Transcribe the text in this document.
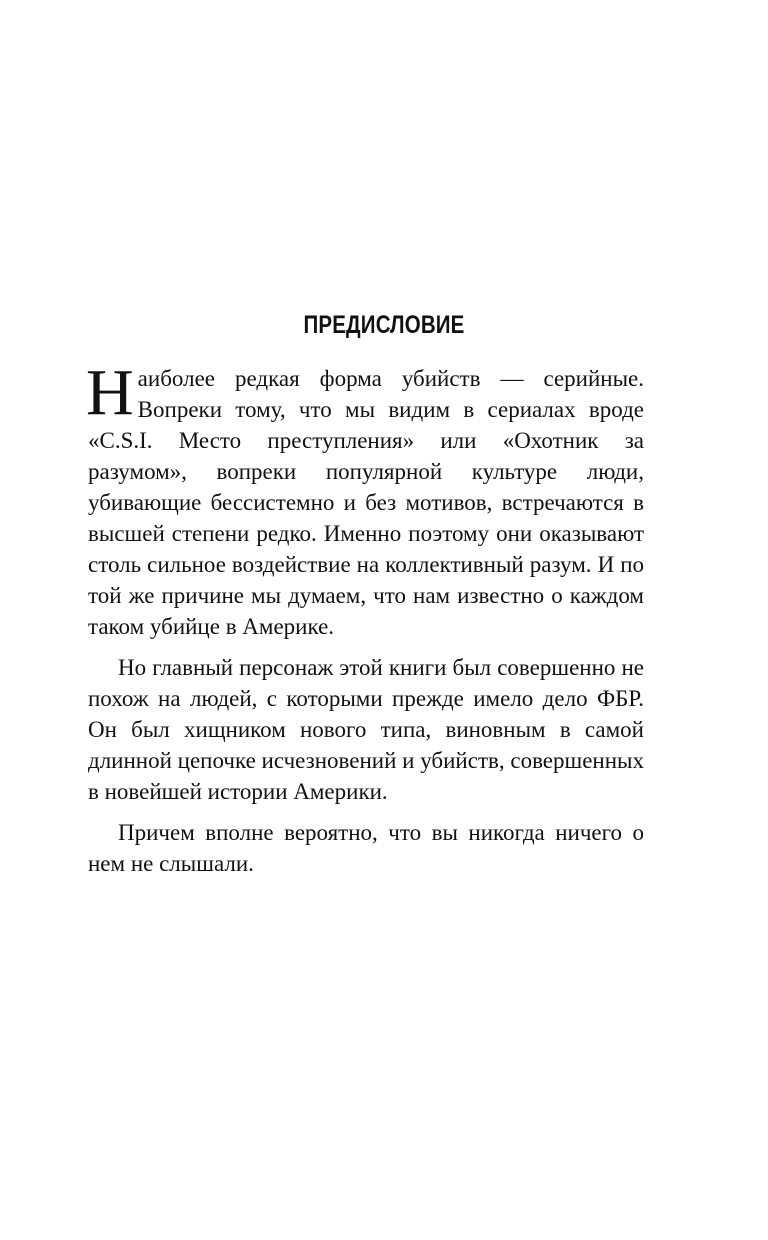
ПРЕДИСЛОВИЕ

Наиболее редкая форма убийств — серийные. Вопреки тому, что мы видим в сериалах вроде «C.S.I. Место преступления» или «Охотник за разумом», вопреки популярной культуре люди, убивающие бессистемно и без мотивов, встречаются в высшей степени редко. Именно поэтому они оказывают столь сильное воздействие на коллективный разум. И по той же причине мы думаем, что нам известно о каждом таком убийце в Америке.

Но главный персонаж этой книги был совершенно не похож на людей, с которыми прежде имело дело ФБР. Он был хищником нового типа, виновным в самой длинной цепочке исчезновений и убийств, совершенных в новейшей истории Америки.

Причем вполне вероятно, что вы никогда ничего о нем не слышали.
